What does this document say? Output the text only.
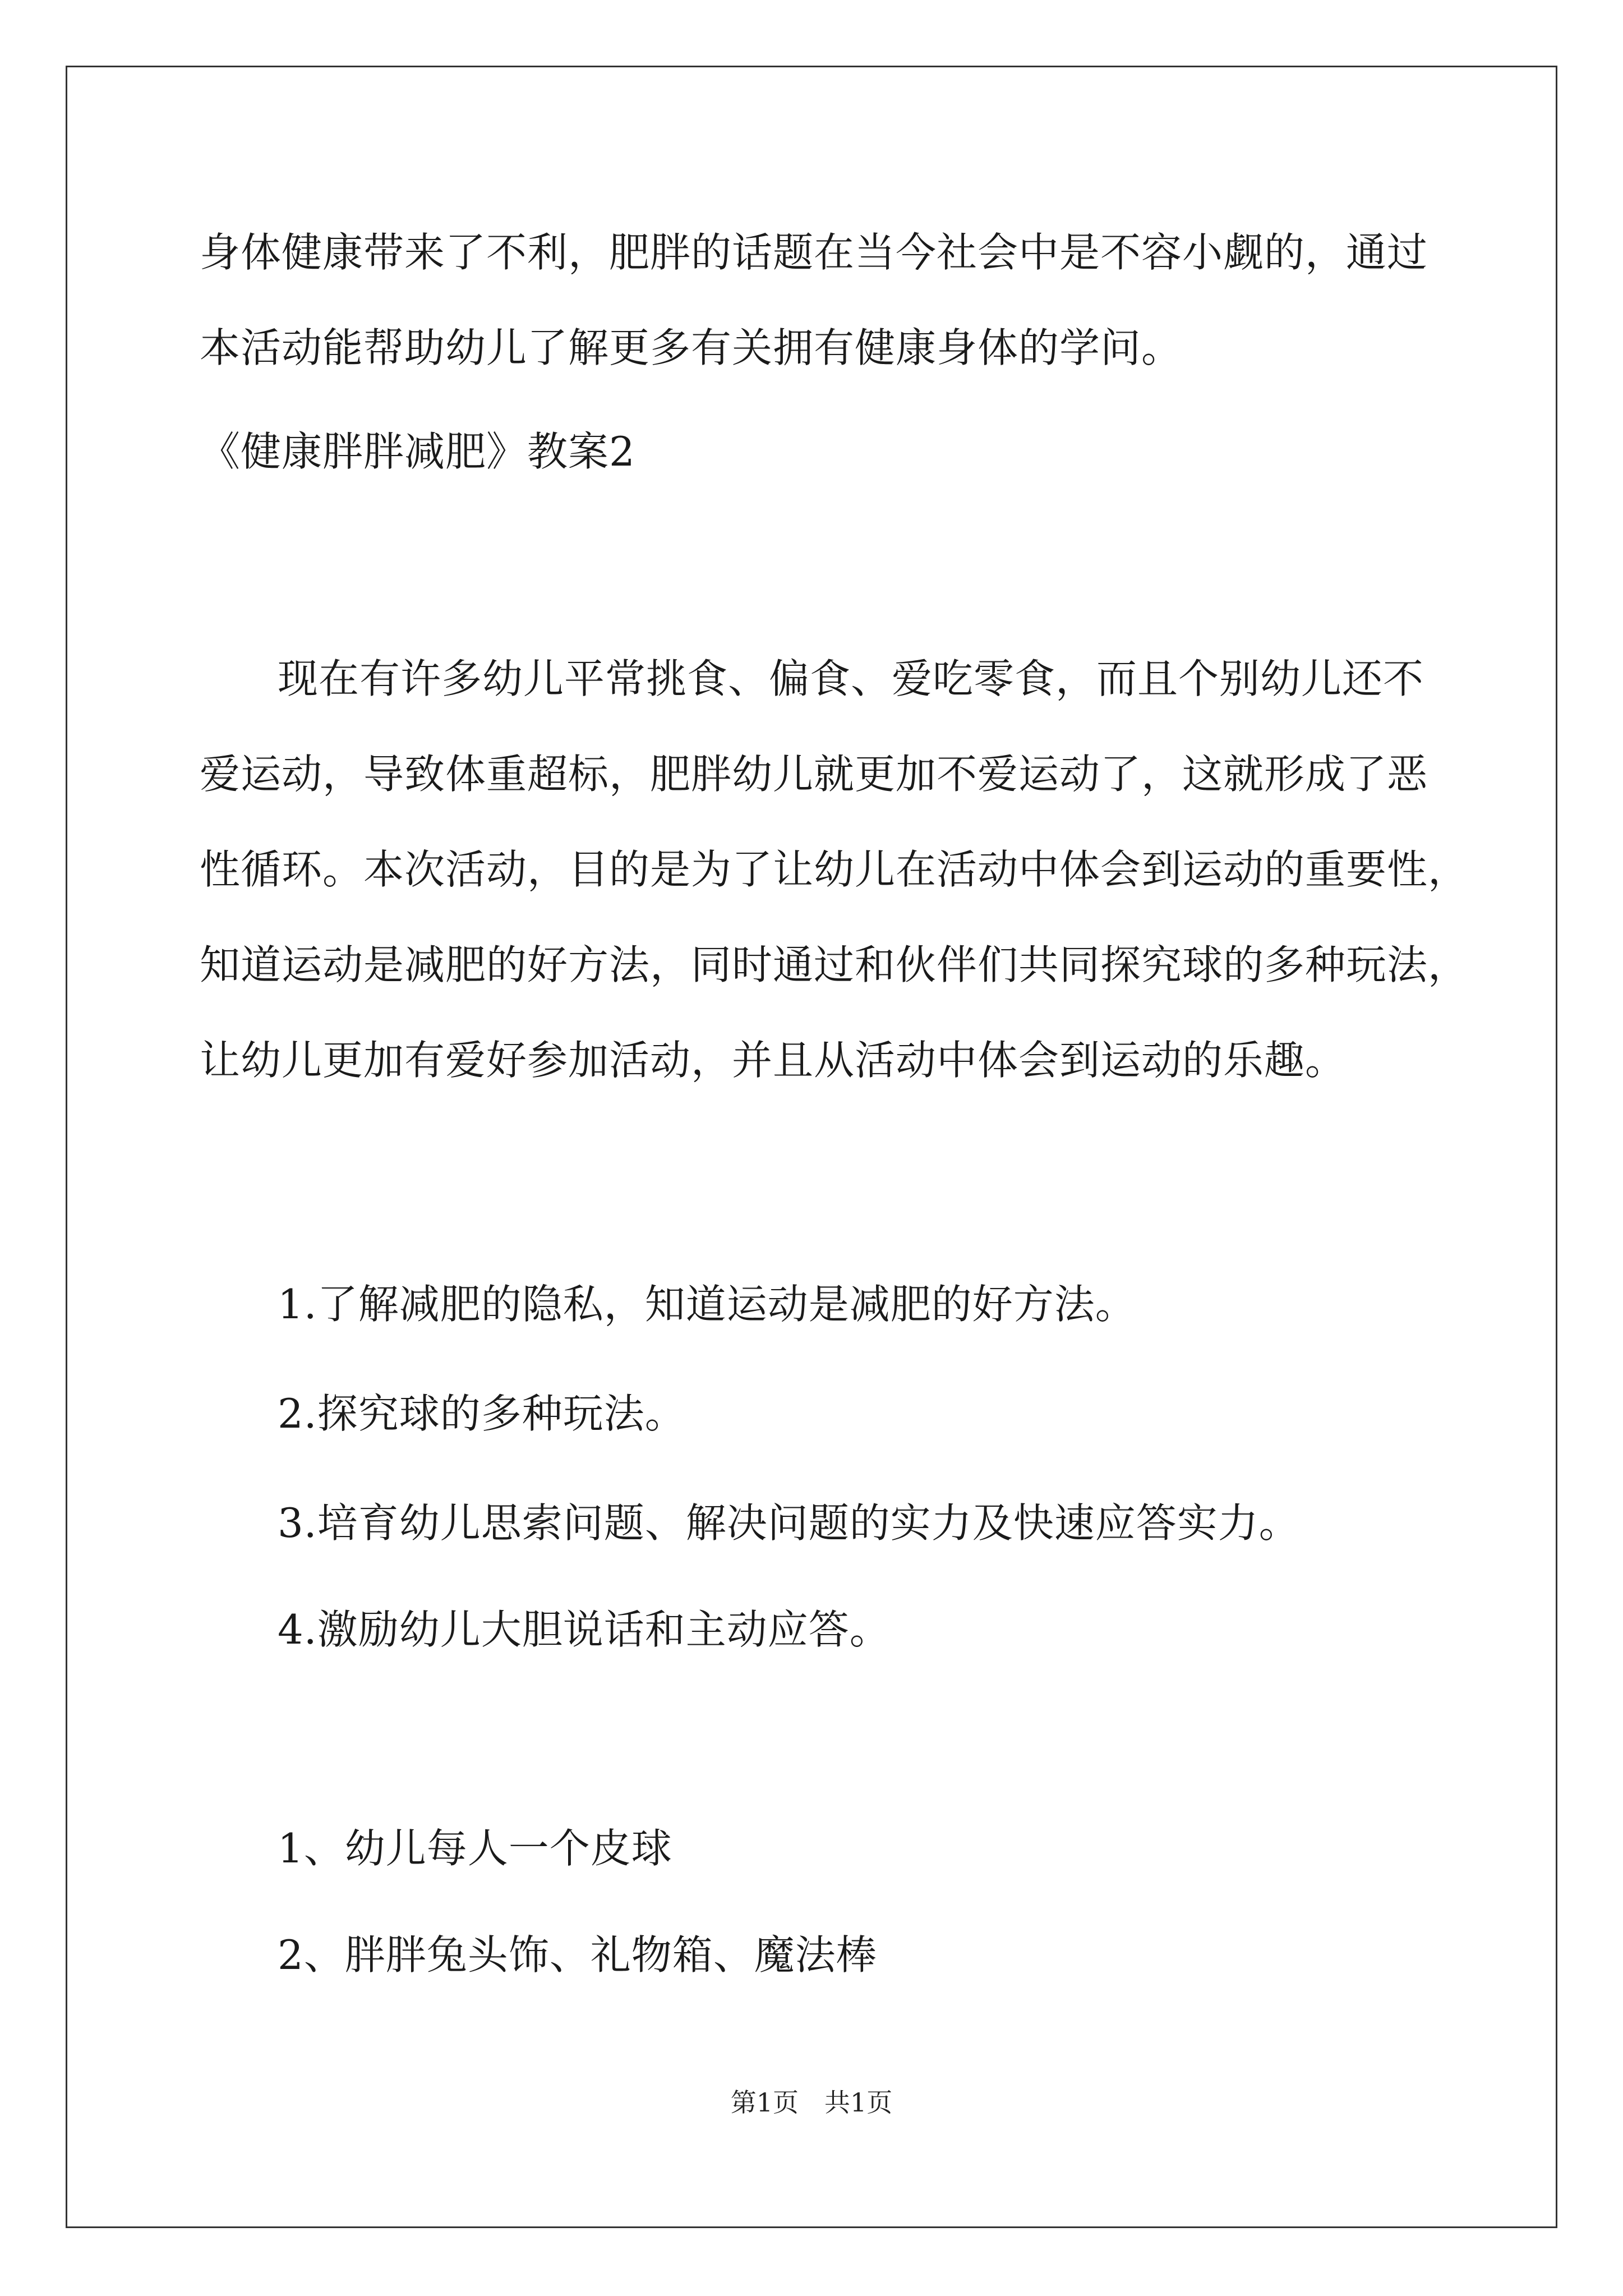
身体健康带来了不利，肥胖的话题在当今社会中是不容小觑的，通过
本活动能帮助幼儿了解更多有关拥有健康身体的学问。
《健康胖胖减肥》教案2
现在有许多幼儿平常挑食、偏食、爱吃零食，而且个别幼儿还不
爱运动，导致体重超标，肥胖幼儿就更加不爱运动了，这就形成了恶
性循环。本次活动，目的是为了让幼儿在活动中体会到运动的重要性，
知道运动是减肥的好方法，同时通过和伙伴们共同探究球的多种玩法，
让幼儿更加有爱好参加活动，并且从活动中体会到运动的乐趣。
1.了解减肥的隐私，知道运动是减肥的好方法。
2.探究球的多种玩法。
3.培育幼儿思索问题、解决问题的实力及快速应答实力。
4.激励幼儿大胆说话和主动应答。
1、幼儿每人一个皮球
2、胖胖兔头饰、礼物箱、魔法棒
第1页　共1页
